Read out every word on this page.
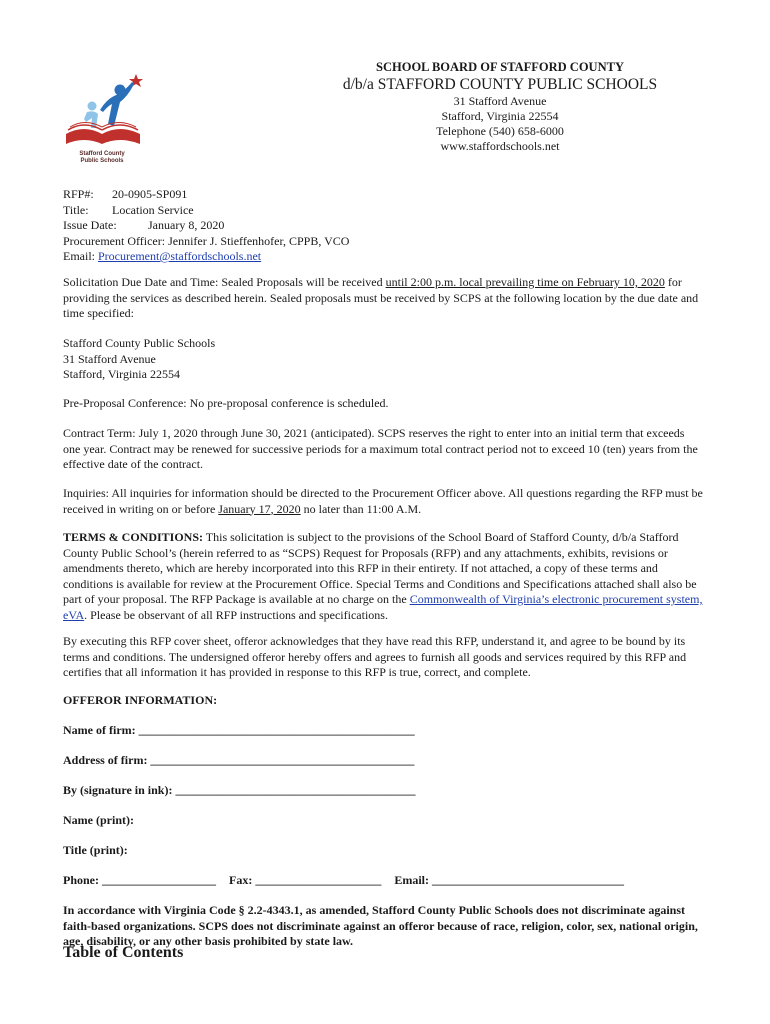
Stafford County
Public Schools

SCHOOL BOARD OF STAFFORD COUNTY

d/b/a STAFFORD COUNTY PUBLIC SCHOOLS

31 Stafford Avenue

Stafford, Virginia 22554

Telephone (540) 658-6000

www.staffordschools.net

RFP#: 20-0905-SP091

Title: Location Service

Issue Date:	January 8, 2020

Procurement Officer: Jennifer J. Stieffenhofer, CPPB, VCO

Email: Procurement@staffordschools.net

Solicitation Due Date and Time: Sealed Proposals will be received until 2:00 p.m. local prevailing time on February 10, 2020 for providing the services as described herein. Sealed proposals must be received by SCPS at the following location by the due date and time specified:

Stafford County Public Schools

31 Stafford Avenue

Stafford, Virginia 22554

Pre-Proposal Conference: No pre-proposal conference is scheduled.

Contract Term: July 1, 2020 through June 30, 2021 (anticipated). SCPS reserves the right to enter into an initial term that exceeds one year. Contract may be renewed for successive periods for a maximum total contract period not to exceed 10 (ten) years from the effective date of the contract.

Inquiries: All inquiries for information should be directed to the Procurement Officer above. All questions regarding the RFP must be received in writing on or before January 17, 2020 no later than 11:00 A.M.

TERMS & CONDITIONS: This solicitation is subject to the provisions of the School Board of Stafford County, d/b/a Stafford County Public School’s (herein referred to as “SCPS) Request for Proposals (RFP) and any attachments, exhibits, revisions or amendments thereto, which are hereby incorporated into this RFP in their entirety. If not attached, a copy of these terms and conditions is available for review at the Procurement Office. Special Terms and Conditions and Specifications attached shall also be part of your proposal. The RFP Package is available at no charge on the Commonwealth of Virginia’s electronic procurement system, eVA. Please be observant of all RFP instructions and specifications.

By executing this RFP cover sheet, offeror acknowledges that they have read this RFP, understand it, and agree to be bound by its terms and conditions. The undersigned offeror hereby offers and agrees to furnish all goods and services required by this RFP and certifies that all information it has provided in response to this RFP is true, correct, and complete.

OFFEROR INFORMATION:
Name of firm: ______________________________________________
Address of firm: ____________________________________________
By (signature in ink): ________________________________________
Name (print):
Title (print):
Phone: ___________________ Fax: _____________________ Email: ________________________________
In accordance with Virginia Code § 2.2-4343.1, as amended, Stafford County Public Schools does not discriminate against faith-based organizations. SCPS does not discriminate against an offeror because of race, religion, color, sex, national origin, age, disability, or any other basis prohibited by state law.
Table of Contents
